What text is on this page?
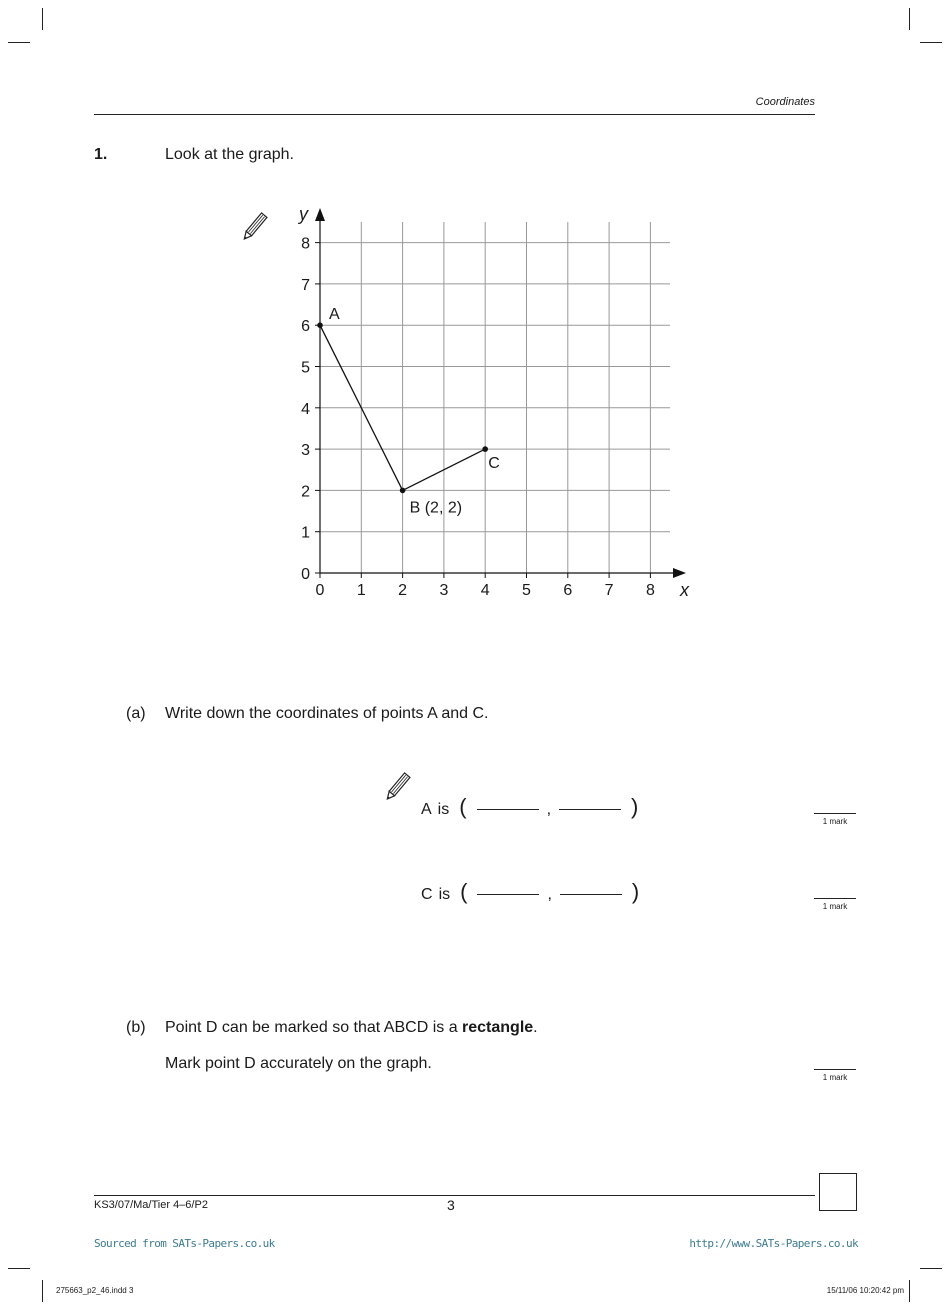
Coordinates
1.	Look at the graph.
0 1 2 3 4 5 6 7 8
0
1
2
3
4
5
6
7
8
x
y
A
B (2, 2)
C
(a) Write down the coordinates of points A and C.
A is (	,	)
1 mark
C is (	,	)
1 mark
(b) Point D can be marked so that ABCD is a rectangle.
Mark point D accurately on the graph.
1 mark
KS3/07/Ma/Tier 4–6/P2	3
Sourced from SATs-Papers.co.uk	http://www.SATs-Papers.co.uk
275663_p2_46.indd 3	15/11/06 10:20:42 pm
